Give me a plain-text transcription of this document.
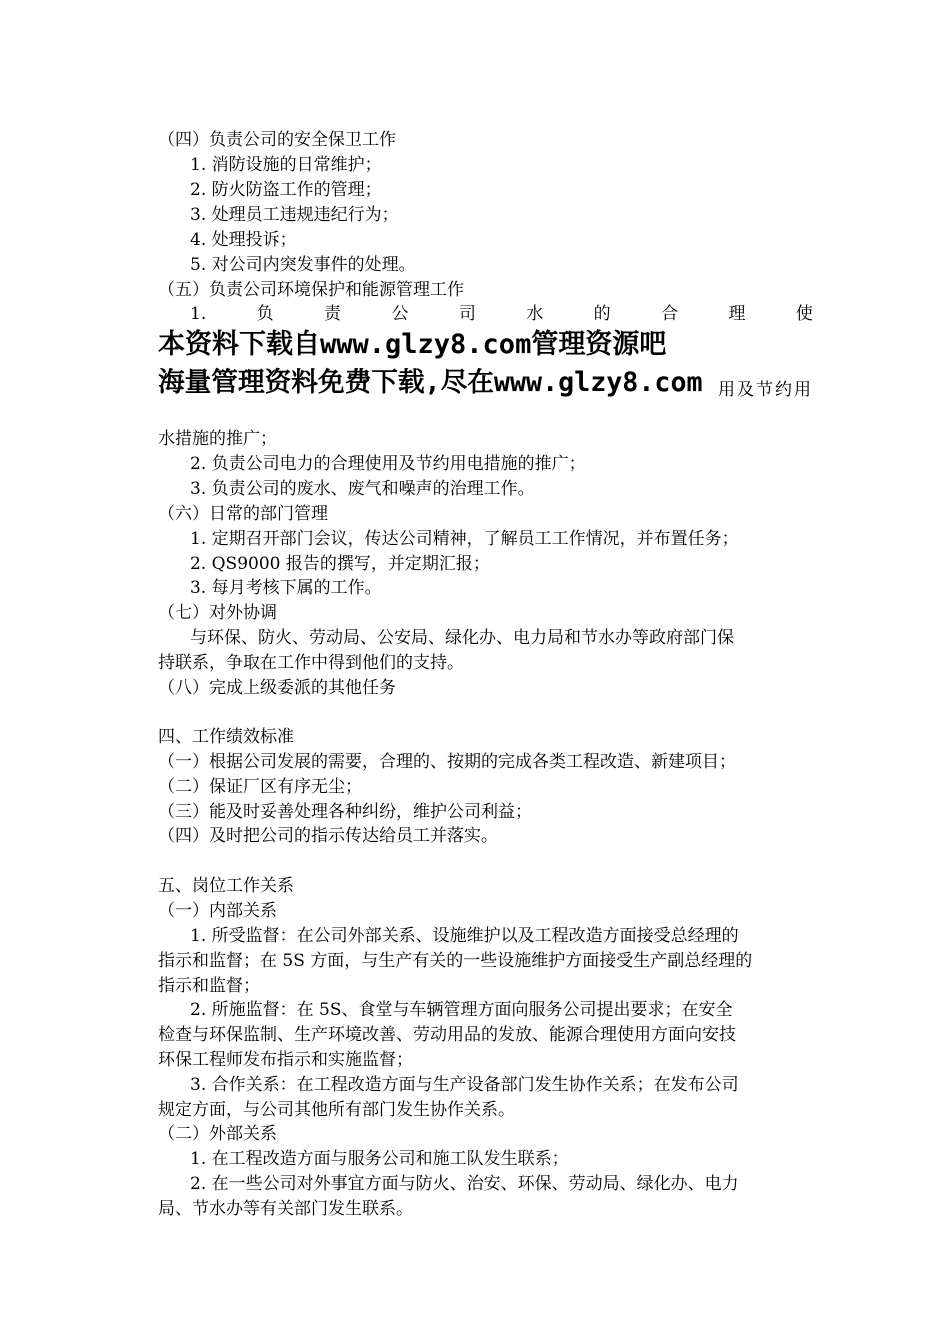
（四）负责公司的安全保卫工作
1. 消防设施的日常维护；
2. 防火防盗工作的管理；
3. 处理员工违规违纪行为；
4. 处理投诉；
5. 对公司内突发事件的处理。
（五）负责公司环境保护和能源管理工作
1.	负	责	公	司	水	的	合	理	使
本资料下载自www.glzy8.com管理资源吧
海量管理资料免费下载,尽在www.glzy8.com 用及节约用
水措施的推广；
2. 负责公司电力的合理使用及节约用电措施的推广；
3. 负责公司的废水、废气和噪声的治理工作。
（六）日常的部门管理
1. 定期召开部门会议，传达公司精神，了解员工工作情况，并布置任务；
2. QS9000 报告的撰写，并定期汇报；
3. 每月考核下属的工作。
（七）对外协调
与环保、防火、劳动局、公安局、绿化办、电力局和节水办等政府部门保
持联系，争取在工作中得到他们的支持。
（八）完成上级委派的其他任务
四、工作绩效标准
（一）根据公司发展的需要，合理的、按期的完成各类工程改造、新建项目；
（二）保证厂区有序无尘；
（三）能及时妥善处理各种纠纷，维护公司利益；
（四）及时把公司的指示传达给员工并落实。
五、岗位工作关系
（一）内部关系
1. 所受监督：在公司外部关系、设施维护以及工程改造方面接受总经理的
指示和监督；在 5S 方面，与生产有关的一些设施维护方面接受生产副总经理的
指示和监督；
2. 所施监督：在 5S、食堂与车辆管理方面向服务公司提出要求；在安全
检查与环保监制、生产环境改善、劳动用品的发放、能源合理使用方面向安技
环保工程师发布指示和实施监督；
3. 合作关系：在工程改造方面与生产设备部门发生协作关系；在发布公司
规定方面，与公司其他所有部门发生协作关系。
（二）外部关系
1. 在工程改造方面与服务公司和施工队发生联系；
2. 在一些公司对外事宜方面与防火、治安、环保、劳动局、绿化办、电力
局、节水办等有关部门发生联系。
